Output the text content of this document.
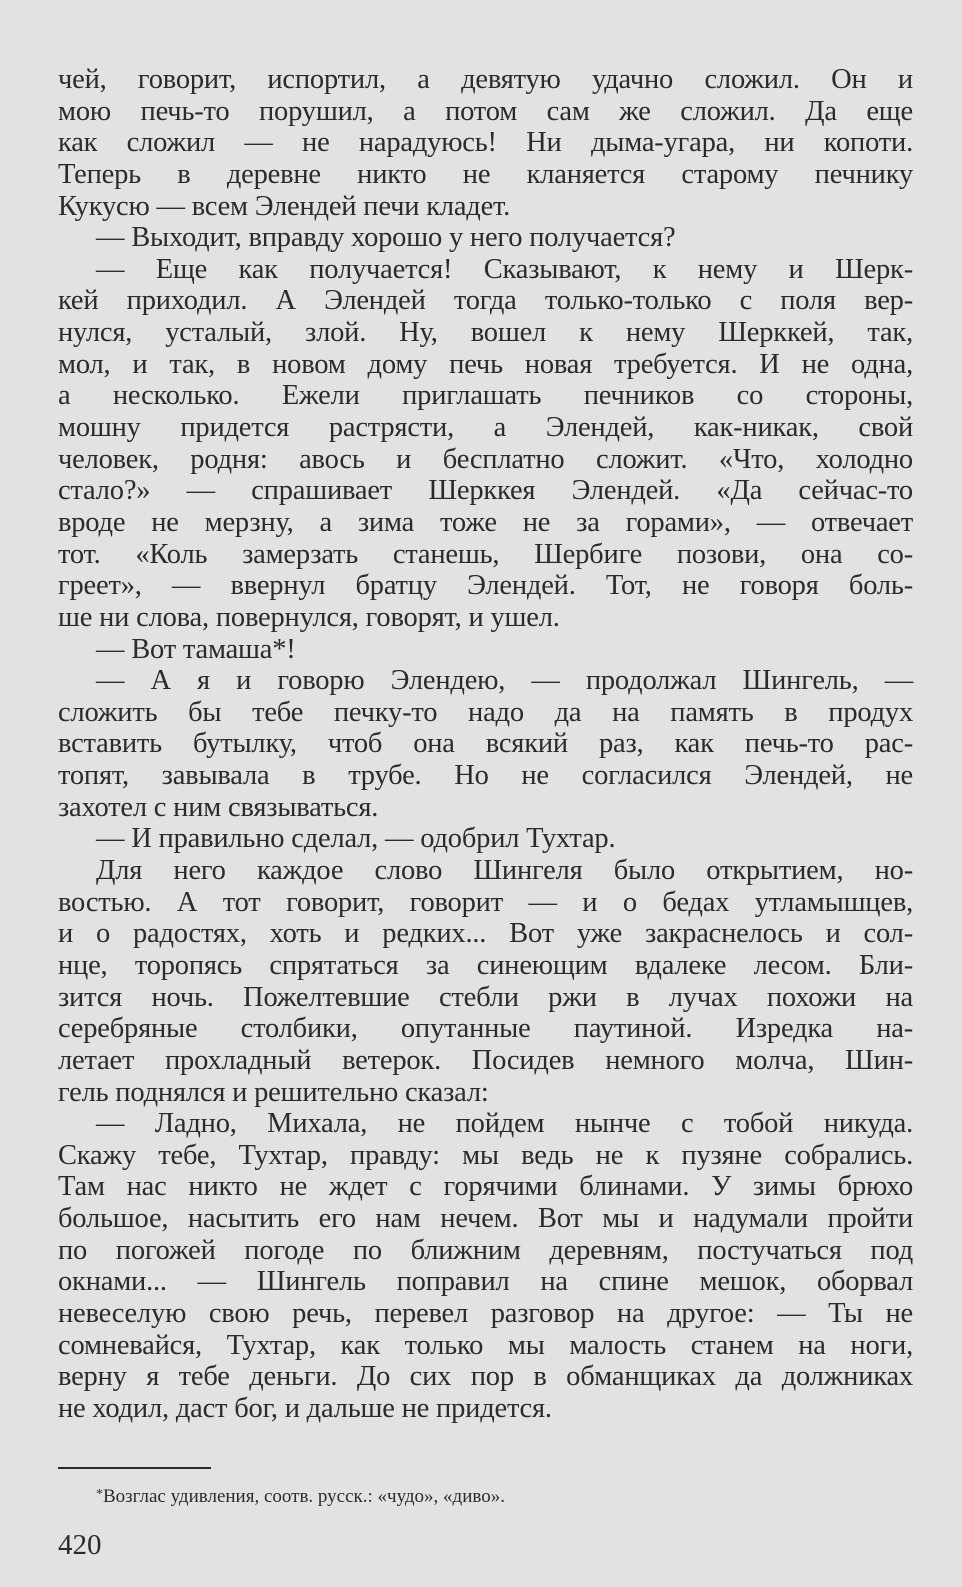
чей, говорит, испортил, а девятую удачно сложил. Он и
мою печь-то порушил, а потом сам же сложил. Да еще
как сложил — не нарадуюсь! Ни дыма-угара, ни копоти.
Теперь в деревне никто не кланяется старому печнику
Кукусю — всем Элендей печи кладет.
— Выходит, вправду хорошо у него получается?
— Еще как получается! Сказывают, к нему и Шерк-
кей приходил. А Элендей тогда только-только с поля вер-
нулся, усталый, злой. Ну, вошел к нему Шерккей, так,
мол, и так, в новом дому печь новая требуется. И не одна,
а несколько. Ежели приглашать печников со стороны,
мошну придется растрясти, а Элендей, как-никак, свой
человек, родня: авось и бесплатно сложит. «Что, холодно
стало?» — спрашивает Шерккея Элендей. «Да сейчас-то
вроде не мерзну, а зима тоже не за горами», — отвечает
тот. «Коль замерзать станешь, Шербиге позови, она со-
греет», — ввернул братцу Элендей. Тот, не говоря боль-
ше ни слова, повернулся, говорят, и ушел.
— Вот тамаша*!
— А я и говорю Элендею, — продолжал Шингель, —
сложить бы тебе печку-то надо да на память в продух
вставить бутылку, чтоб она всякий раз, как печь-то рас-
топят, завывала в трубе. Но не согласился Элендей, не
захотел с ним связываться.
— И правильно сделал, — одобрил Тухтар.
Для него каждое слово Шингеля было открытием, но-
востью. А тот говорит, говорит — и о бедах утламышцев,
и о радостях, хоть и редких... Вот уже закраснелось и сол-
нце, торопясь спрятаться за синеющим вдалеке лесом. Бли-
зится ночь. Пожелтевшие стебли ржи в лучах похожи на
серебряные столбики, опутанные паутиной. Изредка на-
летает прохладный ветерок. Посидев немного молча, Шин-
гель поднялся и решительно сказал:
— Ладно, Михала, не пойдем нынче с тобой никуда.
Скажу тебе, Тухтар, правду: мы ведь не к пузяне собрались.
Там нас никто не ждет с горячими блинами. У зимы брюхо
большое, насытить его нам нечем. Вот мы и надумали пройти
по погожей погоде по ближним деревням, постучаться под
окнами... — Шингель поправил на спине мешок, оборвал
невеселую свою речь, перевел разговор на другое: — Ты не
сомневайся, Тухтар, как только мы малость станем на ноги,
верну я тебе деньги. До сих пор в обманщиках да должниках
не ходил, даст бог, и дальше не придется.
*Возглас удивления, соотв. русск.: «чудо», «диво».
420
